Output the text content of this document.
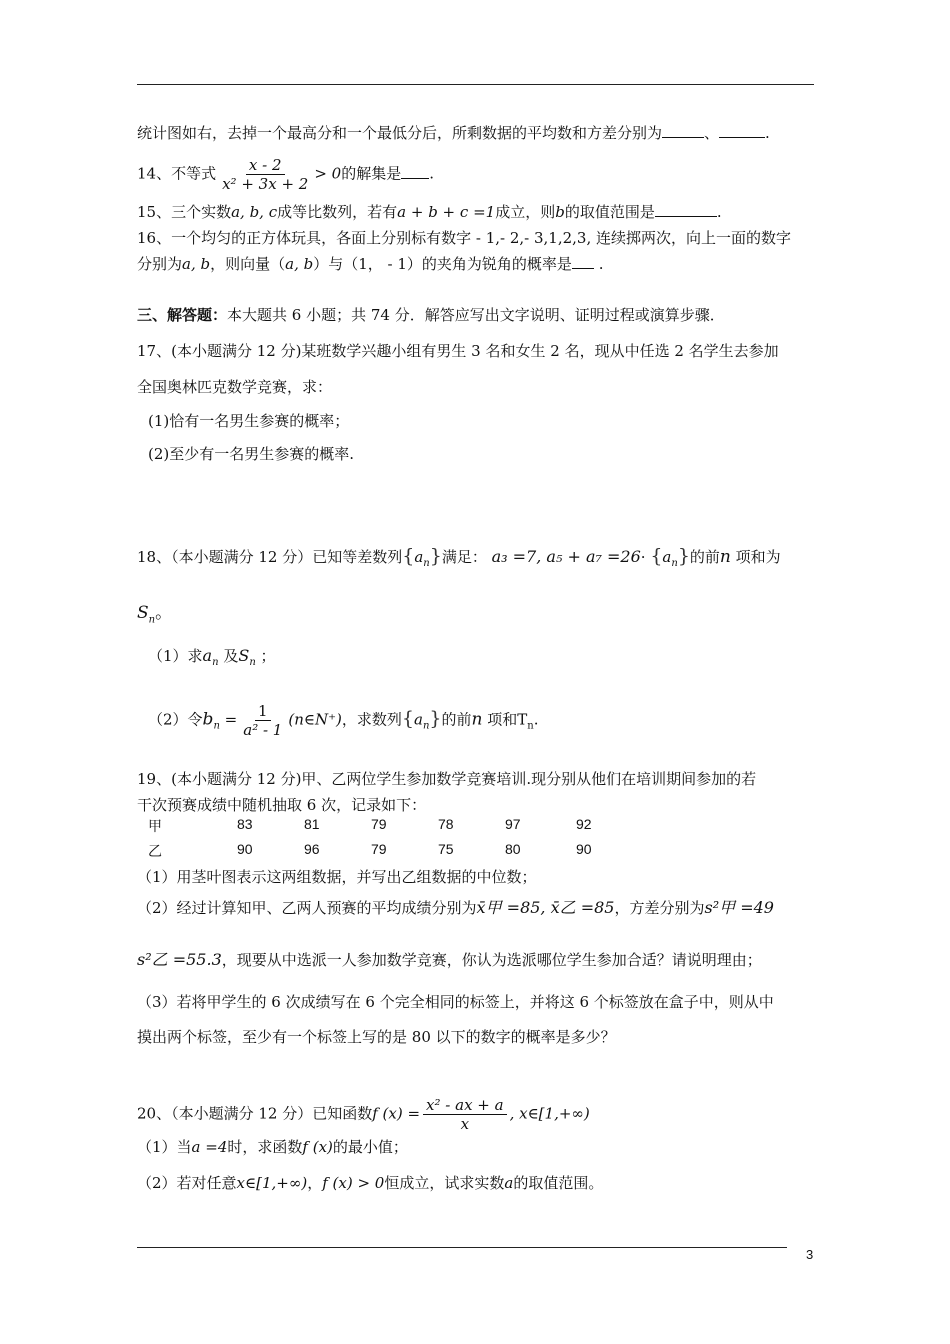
统计图如右，去掉一个最高分和一个最低分后，所剩数据的平均数和方差分别为	、	.
14、不等式 $\frac{x - 2}{\text{x² + 3x + 2}} > 0$的解集是 .
15、三个实数a, b, c成等比数列，若有a + b + c =1成立，则b的取值范围是	.
16、一个均匀的正方体玩具，各面上分别标有数字 - 1,- 2,- 3,1,2,3, 连续掷两次，向上一面的数字
分别为a, b，则向量（a, b）与（1， - 1）的夹角为锐角的概率是 .
三、解答题：本大题共 6 小题；共 74 分．解答应写出文字说明、证明过程或演算步骤．
17、(本小题满分 12 分)某班数学兴趣小组有男生 3 名和女生 2 名，现从中任选 2 名学生去参加
全国奥林匹克数学竞赛，求：
(1)恰有一名男生参赛的概率；
(2)至少有一名男生参赛的概率.
18、（本小题满分 12 分）已知等差数列$\{a_n\}$满足： a₃ =7, $a_5 + a_7 =26\cdot \{a_n\}$的前n 项和为
$S_n$。
（1）求$a_n$ 及$S_n$ ；
（2）令$b_n = \frac{1}{\text{a² - 1}}$ (n∈N⁺)，求数列$\{a_n\}$的前n 项和$T_n$.
19、(本小题满分 12 分)甲、乙两位学生参加数学竞赛培训.现分别从他们在培训期间参加的若
干次预赛成绩中随机抽取 6 次，记录如下：
甲	83	81	79	78	97	92
乙	90	96	79	75	80	90
（1）用茎叶图表示这两组数据，并写出乙组数据的中位数；
（2）经过计算知甲、乙两人预赛的平均成绩分别为x̄甲 =85, x̄乙 =85，方差分别为s²甲 =49
s²乙 =55.3，现要从中选派一人参加数学竞赛，你认为选派哪位学生参加合适？请说明理由；
（3）若将甲学生的 6 次成绩写在 6 个完全相同的标签上，并将这 6 个标签放在盒子中，则从中
摸出两个标签，至少有一个标签上写的是 80 以下的数字的概率是多少？
20、（本小题满分 12 分）已知函数f $(x) = \frac{\text{x² - ax + a}}{x}$ , x∈[1,+∞)
（1）当a =4时，求函数f (x)的最小值；
（2）若对任意x∈[1,+∞)，f (x) > 0恒成立，试求实数a的取值范围。
3
